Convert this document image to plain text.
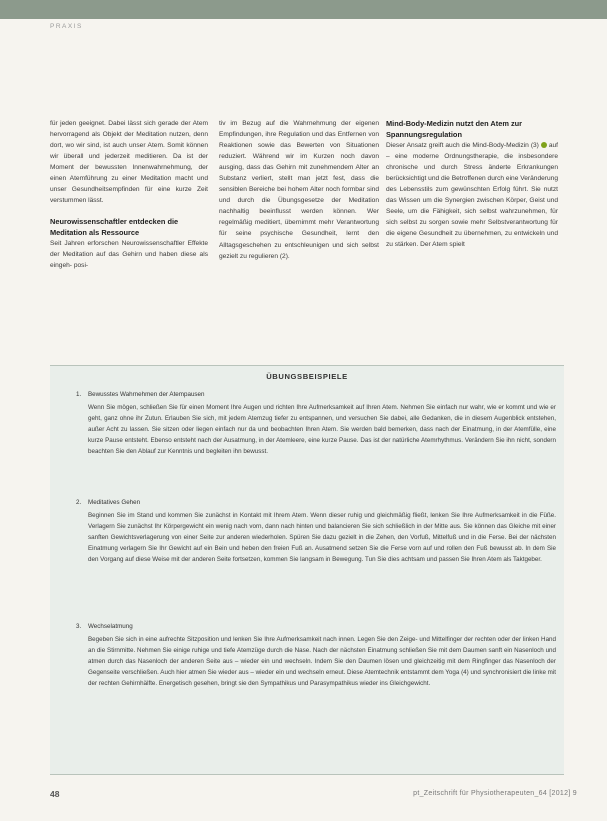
PRAXIS

für jeden geeignet. Dabei lässt sich gerade der Atem hervorragend als Objekt der Meditation nutzen, denn dort, wo wir sind, ist auch unser Atem. Somit können wir überall und jederzeit meditieren. Da ist der Moment der bewussten Innenwahrnehmung, der einen Atemführung zu einer Meditation macht und unser Gesundheitsempfinden für eine kurze Zeit verstummen lässt.

Neurowissenschaftler entdecken die Meditation als Ressource

Seit Jahren erforschen Neurowissenschaftler Effekte der Meditation auf das Gehirn und haben diese als eingeh- posi-

tiv im Bezug auf die Wahrnehmung der eigenen Empfindungen, ihre Regulation und das Entfernen von Reaktionen sowie das Bewerten von Situationen reduziert. Während wir im Kurzen noch davon ausging, dass das Gehirn mit zunehmendem Alter an Substanz verliert, stellt man jetzt fest, dass die sensiblen Bereiche bei hohem Alter noch formbar sind und durch die Übungsgesetze der Meditation nachhaltig beeinflusst werden können. Wer regelmäßig meditiert, übernimmt mehr Verantwortung für seine psychische Gesundheit, lernt den Alltagsgeschehen zu entschleunigen und sich selbst gezielt zu regulieren (2).

Mind-Body-Medizin nutzt den Atem zur Spannungsregulation

Dieser Ansatz greift auch die Mind-Body-Medizin (3) auf – eine moderne Ordnungstherapie, die insbesondere chronische und durch Stress änderte Erkrankungen berücksichtigt und die Betroffenen durch eine Veränderung des Lebensstils zum gewünschten Erfolg führt. Sie nutzt das Wissen um die Synergien zwischen Körper, Geist und Seele, um die Fähigkeit, sich selbst wahrzunehmen, für sich selbst zu sorgen sowie mehr Selbstverantwortung für die eigene Gesundheit zu übernehmen, zu entwickeln und zu stärken. Der Atem spielt

ÜBUNGSBEISPIELE

1. Bewusstes Wahrnehmen der Atempausen

Wenn Sie mögen, schließen Sie für einen Moment Ihre Augen und richten Ihre Aufmerksamkeit auf Ihren Atem. Nehmen Sie einfach nur wahr, wie er kommt und wie er geht, ganz ohne ihr Zutun. Erlauben Sie sich, mit jedem Atemzug tiefer zu entspannen, und versuchen Sie dabei, alle Gedanken, die in diesem Augenblick entstehen, außer Acht zu lassen. Sie sitzen oder liegen einfach nur da und beobachten Ihren Atem. Sie werden bald bemerken, dass nach der Einatmung, in der Atemfülle, eine kurze Pause entsteht. Ebenso entsteht nach der Ausatmung, in der Atemleere, eine kurze Pause. Das ist der natürliche Atemrhythmus. Verändern Sie ihn nicht, sondern beachten Sie den Ablauf zur Kenntnis und begleiten ihn bewusst.

2. Meditatives Gehen

Beginnen Sie im Stand und kommen Sie zunächst in Kontakt mit Ihrem Atem. Wenn dieser ruhig und gleichmäßig fließt, lenken Sie Ihre Aufmerksamkeit in die Füße. Verlagern Sie zunächst Ihr Körpergewicht ein wenig nach vorn, dann nach hinten und balancieren Sie sich schließlich in der Mitte aus. Sie können das Gleiche mit einer sanften Gewichtsverlagerung von einer Seite zur anderen wiederholen. Spüren Sie dazu gezielt in die Zehen, den Vorfuß, Mittelfuß und in die Ferse. Bei der nächsten Einatmung verlagern Sie Ihr Gewicht auf ein Bein und heben den freien Fuß an. Ausatmend setzen Sie die Ferse vorn auf und rollen den Fuß bewusst ab. In dem Sie den Vorgang auf diese Weise mit der anderen Seite fortsetzen, kommen Sie langsam in Bewegung. Tun Sie dies achtsam und passen Sie Ihren Atem als Taktgeber.

3. Wechselatmung

Begeben Sie sich in eine aufrechte Sitzposition und lenken Sie Ihre Aufmerksamkeit nach innen. Legen Sie den Zeige- und Mittelfinger der rechten oder der linken Hand an die Stirnmitte. Nehmen Sie einige ruhige und tiefe Atemzüge durch die Nase. Nach der nächsten Einatmung schließen Sie mit dem Daumen sanft ein Nasenloch und atmen durch das Nasenloch der anderen Seite aus – wieder ein und wechseln. Indem Sie den Daumen lösen und gleichzeitig mit dem Ringfinger das Nasenloch der Gegenseite verschließen. Auch hier atmen Sie wieder aus – wieder ein und wechseln erneut. Diese Atemtechnik entstammt dem Yoga (4) und synchronisiert die linke mit der rechten Gehirnhälfte. Energetisch gesehen, bringt sie den Sympathikus und Parasympathikus wieder ins Gleichgewicht.

48	pt_Zeitschrift für Physiotherapeuten_64 [2012] 9
